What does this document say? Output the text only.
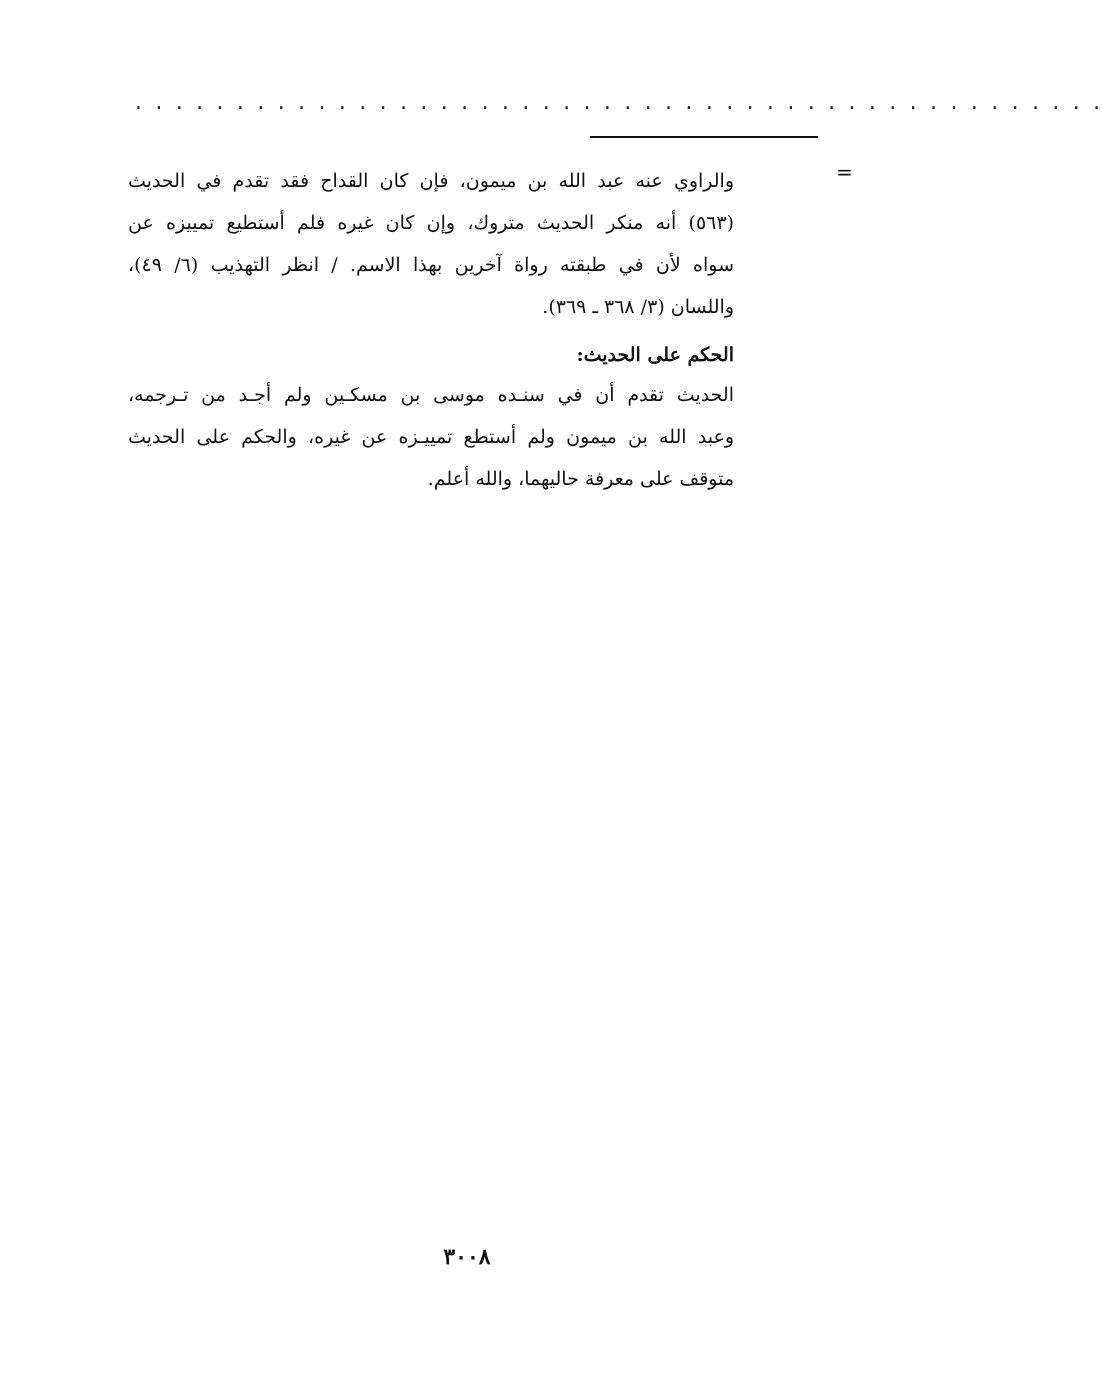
. . . . . . . . . . . . . . . . . . . . . . . . . . . . . . . . . . . . . . . . . . . . . . . .
=
والراوي عنه عبد الله بن ميمون، فإن كان القداح فقد تقدم في الحديث
(٥٦٣) أنه منكر الحديث متروك، وإن كان غيره فلم أستطيع تمييزه عن
سواه لأن في طبقته رواة آخرين بهذا الاسم. / انظر التهذيب (٦/ ٤٩)،
واللسان (٣/ ٣٦٨ ـ ٣٦٩).
الحكم على الحديث:
الحديث تقدم أن في سنـده موسى بن مسكـين ولم أجـد من تـرجمه،
وعبد الله بن ميمون ولم أستطع تمييـزه عن غيره، والحكم على الحديث
متوقف على معرفة حاليهما، والله أعلم.
٣٠٠٨
